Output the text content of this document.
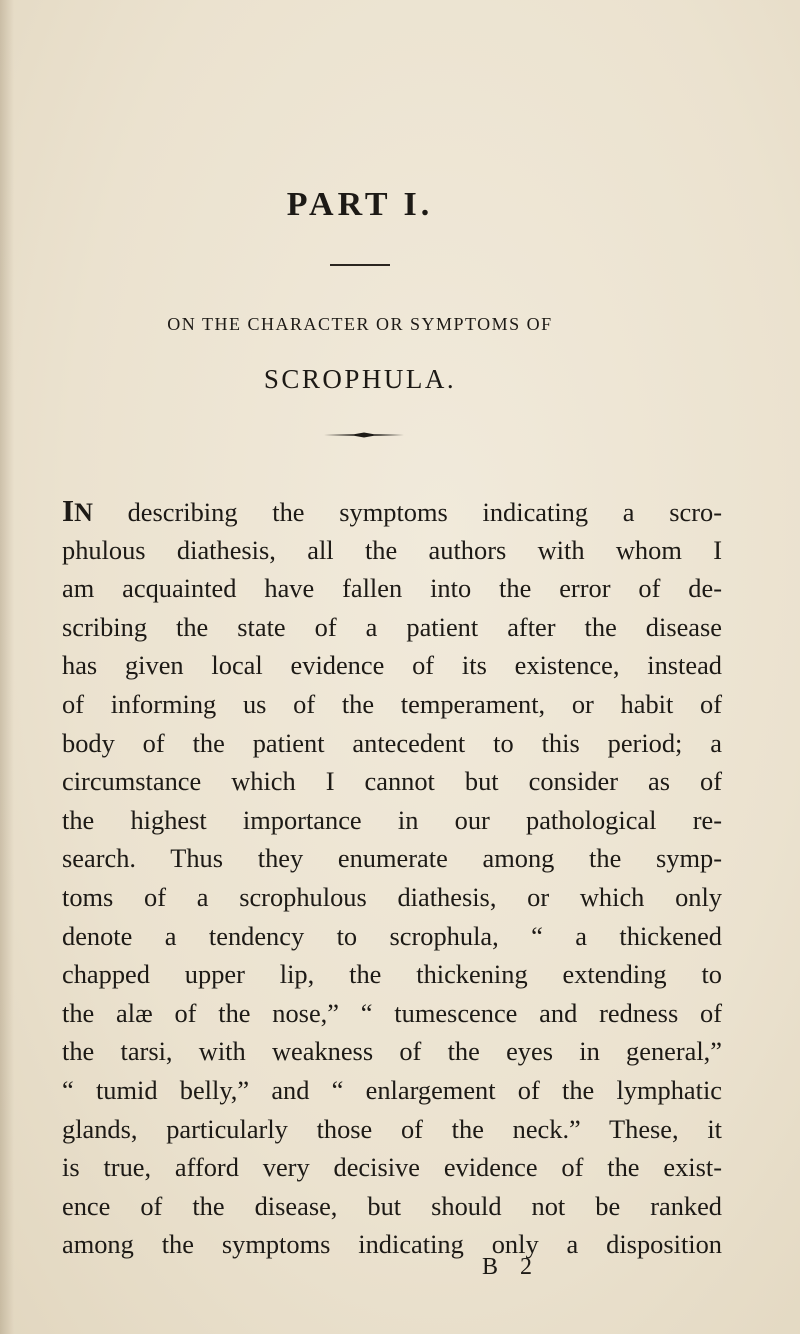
PART I.
ON THE CHARACTER OR SYMPTOMS OF
SCROPHULA.
IN describing the symptoms indicating a scro-
phulous diathesis, all the authors with whom I
am acquainted have fallen into the error of de-
scribing the state of a patient after the disease
has given local evidence of its existence, instead
of informing us of the temperament, or habit of
body of the patient antecedent to this period; a
circumstance which I cannot but consider as of
the highest importance in our pathological re-
search. Thus they enumerate among the symp-
toms of a scrophulous diathesis, or which only
denote a tendency to scrophula, “ a thickened
chapped upper lip, the thickening extending to
the alæ of the nose,” “ tumescence and redness of
the tarsi, with weakness of the eyes in general,”
“ tumid belly,” and “ enlargement of the lymphatic
glands, particularly those of the neck.” These, it
is true, afford very decisive evidence of the exist-
ence of the disease, but should not be ranked
among the symptoms indicating only a disposition
B 2
